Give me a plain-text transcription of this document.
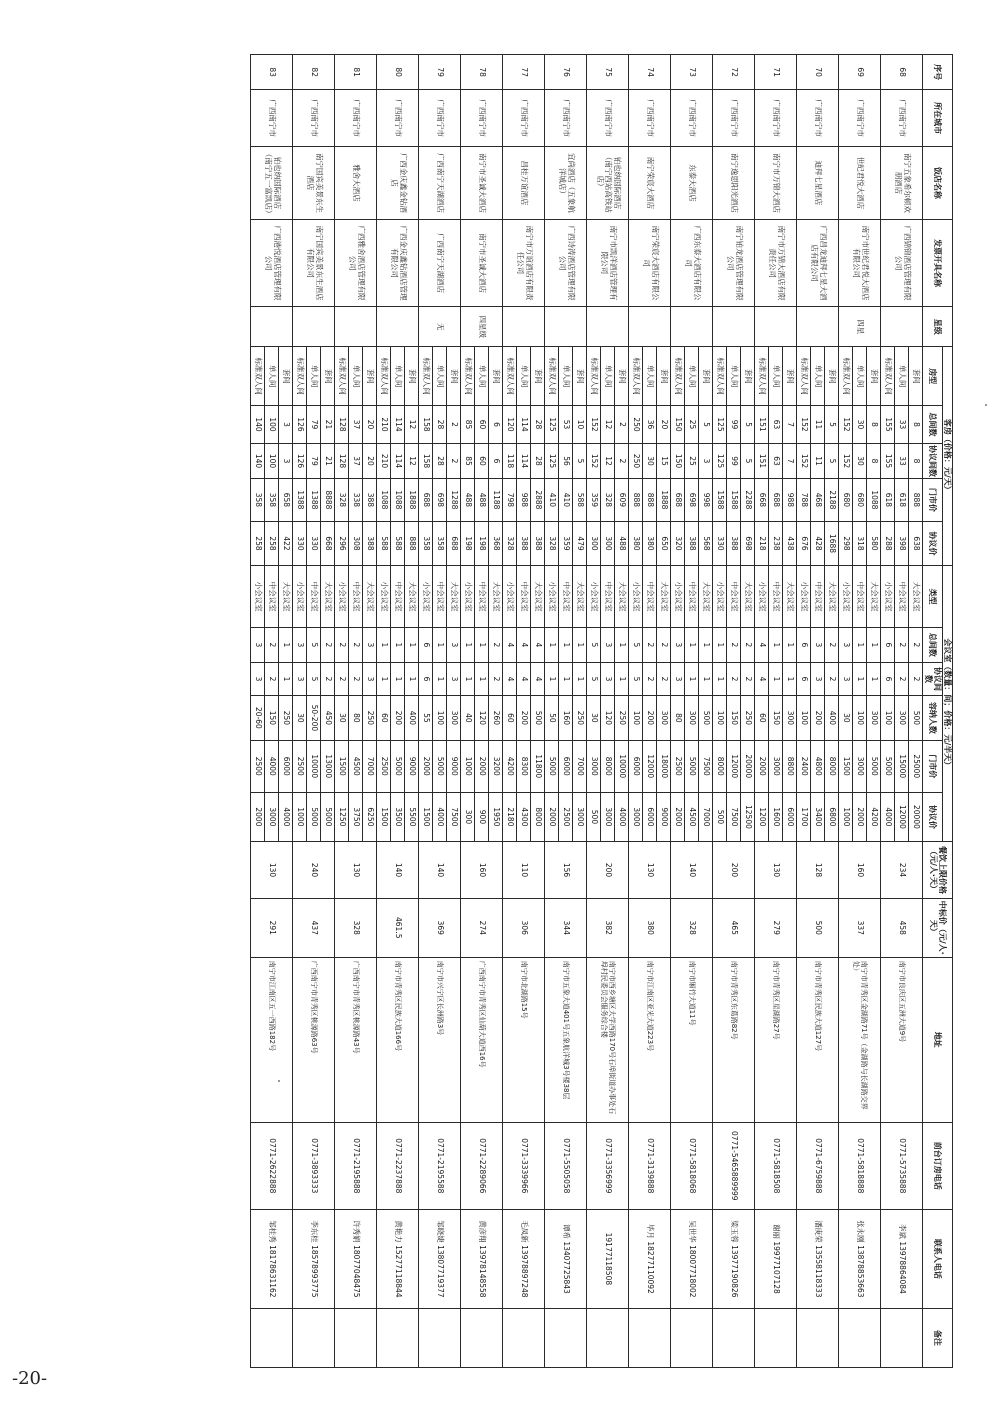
序号	所在城市	饭店名称	发票开具名称	星级	客房（价格：元/天）					会议室（数量：间；价格：元/半天）						餐饮上限价格（元/人·天）	中标价（元/人·天）	地址	前台订房电话	联系人电话	备注
					房型	总间数	协议间数	门市价	协议价	类型	总间数	协议间数	容纳人数	门市价	协议价						
68	广西南宁市	南宁五象希尔顿欢朋酒店	广西锦锦酒店管理有限公司		套间	8	8	888	638	大会议室	2	2	500	25000	20000	234	458	南宁市良庆区五洲大道9号	0771-5735888	李斌 13978864084	
					单人间	33	33	618	398	中会议室	2	2	300	15000	12000						
					标准双人间	155	155	618	288	小会议室	6	6	100	5000	4000						
69	广西南宁市	世纪君悦大酒店	南宁市世纪君悦大酒店有限公司	四星	套间	8	8	1088	580	大会议室	1	1	300	5000	4200	160	337	南宁市青秀区金湖路71号（金湖路与长湖路交界处）	0771-5818888	张永刚 13878853663	
					单人间	30	30	680	318	中会议室	1	1	100	3000	2000						
					标准双人间	152	152	680	298	小会议室	3	3	30	1500	1000						
70	广西南宁市	迪拜七星酒店	广西昌龙迪拜七星大酒店有限公司		套间	5	5	2188	1688	大会议室	2	2	400	8000	6800	128	500	南宁市青秀区民族大道127号	0771-6759888	潘庚荣 13558118333	
					单人间	11	11	468	428	中会议室	3	3	200	4800	3400						
					标准双人间	152	152	788	676	小会议室	6	6	100	2400	1700						
71	广西南宁市	南宁市万锦大酒店	南宁市万锦大酒店有限责任公司		套间	7	7	988	438	大会议室	1	1	300	8800	6000	130	279	南宁市青秀区星湖路27号	0771-5818508	谢丽 19977107128	
					单人间	63	63	688	238	中会议室	1	1	150	3000	1600						
					标准双人间	151	151	668	218	小会议室	4	4	60	2000	1200						
72	广西南宁市	南宁逸思阳光酒店	南宁铂龙酒店管理有限公司		套间	5	5	2288	698	大会议室	2	2	250	20000	12500	200	465	南宁市青秀区东葛路82号	0771-5465889999	梁玉蓉 13977190826	
					单人间	99	99	1588	388	中会议室	2	2	150	12000	7500						
					标准双人间	125	125	1588	330	小会议室	1	1	100	8000	500						
73	广西南宁市	东泰大酒店	广西东泰大酒店有限公司		套间	5	3	998	568	大会议室	1	1	500	7500	7000	140	328	南宁市厢竹大道11号	0771-5818068	吴世华 18007718002	
					单人间	25	25	698	388	中会议室	1	1	300	5000	4500						
					标准双人间	150	150	688	320	小会议室	3	3	80	2500	2000						
74	广西南宁市	南宁荣宸大酒店	南宁荣宸大酒店有限公司		套间	20	15	1888	650	大会议室	2	2	300	18000	9000	130	380	南宁市江南区亚光大道223号	0771-3139888	毕月 18277110092	
					单人间	36	30	888	380	中会议室	2	2	200	12000	6000						
					标准双人间	250	250	888	380	小会议室	5	5	100	6000	3000						
75	广西南宁市	铂也纳国际酒店（南宁西站高铁站店）	南宁市凯洋酒店管理有限公司		套间	2	2	609	488	大会议室	1	1	250	10000	4000	200	382	南宁市西乡塘区大学西路170号石埠街道办事处石埠村民委员会服务综合楼	0771-3356999	19177118508	
					单人间	12	12	328	300	中会议室	3	3	120	8000	3000						
					标准双人间	152	152	359	300	小会议室	5	5	30	3000	500						
76	广西南宁市	宜尚酒店（五象航洋城店）	广西诗涛酒店管理有限公司		套间	10	5	588	479	大会议室	1	1	250	7000	3000	156	344	南宁市五象大道401号五象航洋城3号楼38层	0771-5505058	谭希 13407725843	
					单人间	53	56	410	359	中会议室	1	1	160	6000	2500						
					标准双人间	125	125	410	328	小会议室	1	1	50	5000	2000						
77	广西南宁市	昌桂万谊酒店	南宁市万谊酒店有限责任公司		套间	28	28	2888	388	大会议室	4	4	500	11800	8000	110	306	南宁市北湖路15号	0771-3339966	毛凤新 13978897248	
					单人间	114	114	988	388	中会议室	4	4	200	8300	4300						
					标准双人间	120	118	798	328	小会议室	4	4	60	4200	2180						
78	广西南宁市	南宁市圣诚大酒店	南宁市圣诚大酒店	四星级	套间	6	6	1188	368	大会议室	2	2	260	3200	1950	160	274	广西南宁市青秀区仙葫大道西16号	0771-2289066	黄彦翔 13978148558	
					单人间	60	60	488	198	中会议室	1	1	120	2000	900						
					标准双人间	85	85	488	198	小会议室	1	1	40	1000	300						
79	广西南宁市	广西南宁天湖酒店	广西南宁天湖酒店	无	套间	2	2	1288	688	大会议室	3	3	300	9000	7500	140	369	南宁市兴宁区长洲路3号	0771-2195588	邹晓婕 13807719377	
					单人间	28	28	698	358	中会议室	1	1	100	5000	4000						
					标准双人间	158	158	688	358	小会议室	6	6	55	2000	1500						
80	广西南宁市	广西金庆鑫金钻酒店	广西金庆鑫钻酒店管理有限公司		套间	12	12	1888	888	大会议室	1	1	400	9000	5500	140	461.5	南宁市青秀区民族大道166号	0771-2237888	黄艳力 15277118844	
					单人间	114	114	1088	588	中会议室	1	1	200	5000	3500						
					标准双人间	210	210	1088	588	小会议室	1	1	60	2500	1500						
81	广西南宁市	雅舍大酒店	广西雅舍酒店管理有限公司		套间	20	20	388	388	大会议室	3	3	250	7000	6250	130	328	广西南宁市青秀区桃源路43号	0771-2195888	许秀娟 18077048475	
					单人间	37	37	338	308	中会议室	2	2	80	4500	3750						
					标准双人间	128	128	328	296	小会议室	2	2	30	1500	1250						
82	广西南宁市	南宁国宾美景东生酒店	南宁国宾美景东生酒店有限公司		套间	21	21	8888	668	大会议室	2	2	450	13000	5000	240	437	广西南宁市青秀区桃源路63号	0771-3893333	李东桂 18578993775	
					单人间	79	79	1388	330	中会议室	5	5	50-200	10000	5000						
					标准双人间	126	126	1388	330	小会议室	3	3	30	2500	1000						
83	广西南宁市	铂也纳国际酒店（南宁五一富凯店）	广西港悦酒店管理有限公司		套间	3	3	658	422	大会议室	1	1	250	6000	4000	130	291	南宁市江南区五一西路182号	0771-2622888	邹桂秀 18178631162	
					单人间	100	100	358	258	中会议室	2	2	150	4000	3000						
					标准双人间	140	140	358	258	小会议室	3	3	20-60	2500	2000						
-20-
